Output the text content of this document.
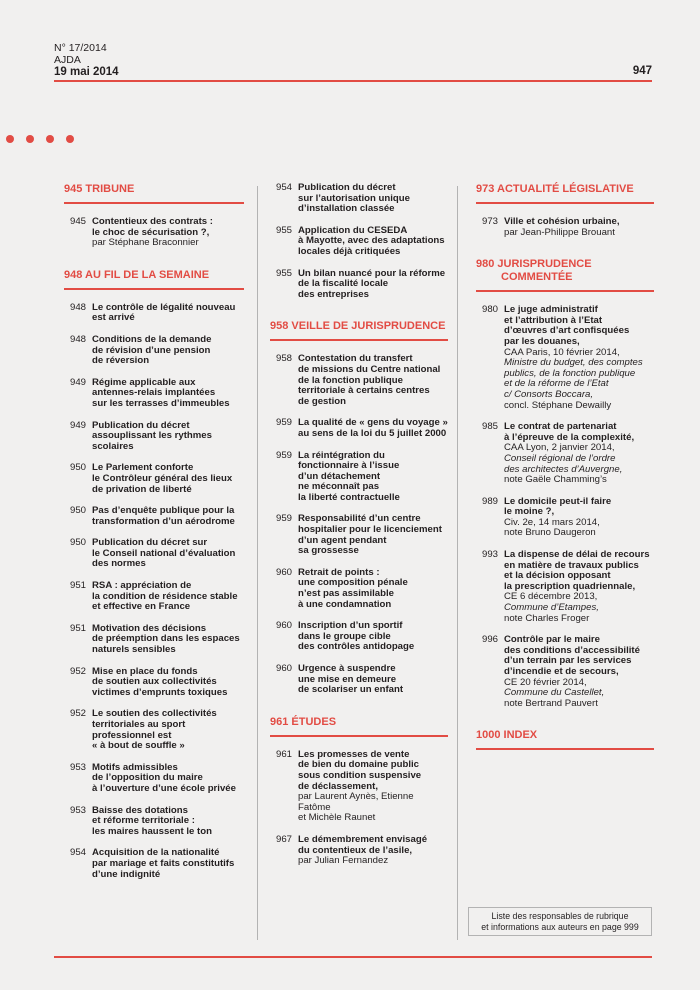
N° 17/2014
AJDA
19 mai 2014	947
945 TRIBUNE
945 Contentieux des contrats :
le choc de sécurisation ?,
par Stéphane Braconnier
948 AU FIL DE LA SEMAINE
948 Le contrôle de légalité nouveau
est arrivé
948 Conditions de la demande
de révision d’une pension
de réversion
949 Régime applicable aux
antennes-relais implantées
sur les terrasses d’immeubles
949 Publication du décret
assouplissant les rythmes
scolaires
950 Le Parlement conforte
le Contrôleur général des lieux
de privation de liberté
950 Pas d’enquête publique pour la
transformation d’un aérodrome
950 Publication du décret sur
le Conseil national d’évaluation
des normes
951 RSA : appréciation de
la condition de résidence stable
et effective en France
951 Motivation des décisions
de préemption dans les espaces
naturels sensibles
952 Mise en place du fonds
de soutien aux collectivités
victimes d’emprunts toxiques
952 Le soutien des collectivités
territoriales au sport
professionnel est
« à bout de souffle »
953 Motifs admissibles
de l’opposition du maire
à l’ouverture d’une école privée
953 Baisse des dotations
et réforme territoriale :
les maires haussent le ton
954 Acquisition de la nationalité
par mariage et faits constitutifs
d’une indignité
954 Publication du décret
sur l’autorisation unique
d’installation classée
955 Application du CESEDA
à Mayotte, avec des adaptations
locales déjà critiquées
955 Un bilan nuancé pour la réforme
de la fiscalité locale
des entreprises
958 VEILLE DE JURISPRUDENCE
958 Contestation du transfert
de missions du Centre national
de la fonction publique
territoriale à certains centres
de gestion
959 La qualité de « gens du voyage »
au sens de la loi du 5 juillet 2000
959 La réintégration du
fonctionnaire à l’issue
d’un détachement
ne méconnaît pas
la liberté contractuelle
959 Responsabilité d’un centre
hospitalier pour le licenciement
d’un agent pendant
sa grossesse
960 Retrait de points :
une composition pénale
n’est pas assimilable
à une condamnation
960 Inscription d’un sportif
dans le groupe cible
des contrôles antidopage
960 Urgence à suspendre
une mise en demeure
de scolariser un enfant
961 ÉTUDES
961 Les promesses de vente
de bien du domaine public
sous condition suspensive
de déclassement,
par Laurent Aynès, Etienne Fatôme
et Michèle Raunet
967 Le démembrement envisagé
du contentieux de l’asile,
par Julian Fernandez
973 ACTUALITÉ LÉGISLATIVE
973 Ville et cohésion urbaine,
par Jean-Philippe Brouant
980 JURISPRUDENCE
COMMENTÉE
980 Le juge administratif
et l’attribution à l’Etat
d’œuvres d’art confisquées
par les douanes,
CAA Paris, 10 février 2014,
Ministre du budget, des comptes
publics, de la fonction publique
et de la réforme de l’Etat
c/ Consorts Boccara,
concl. Stéphane Dewailly
985 Le contrat de partenariat
à l’épreuve de la complexité,
CAA Lyon, 2 janvier 2014,
Conseil régional de l’ordre
des architectes d’Auvergne,
note Gaële Chamming’s
989 Le domicile peut-il faire
le moine ?,
Civ. 2e, 14 mars 2014,
note Bruno Daugeron
993 La dispense de délai de recours
en matière de travaux publics
et la décision opposant
la prescription quadriennale,
CE 6 décembre 2013,
Commune d’Etampes,
note Charles Froger
996 Contrôle par le maire
des conditions d’accessibilité
d’un terrain par les services
d’incendie et de secours,
CE 20 février 2014,
Commune du Castellet,
note Bertrand Pauvert
1000 INDEX
Liste des responsables de rubrique
et informations aux auteurs en page 999
